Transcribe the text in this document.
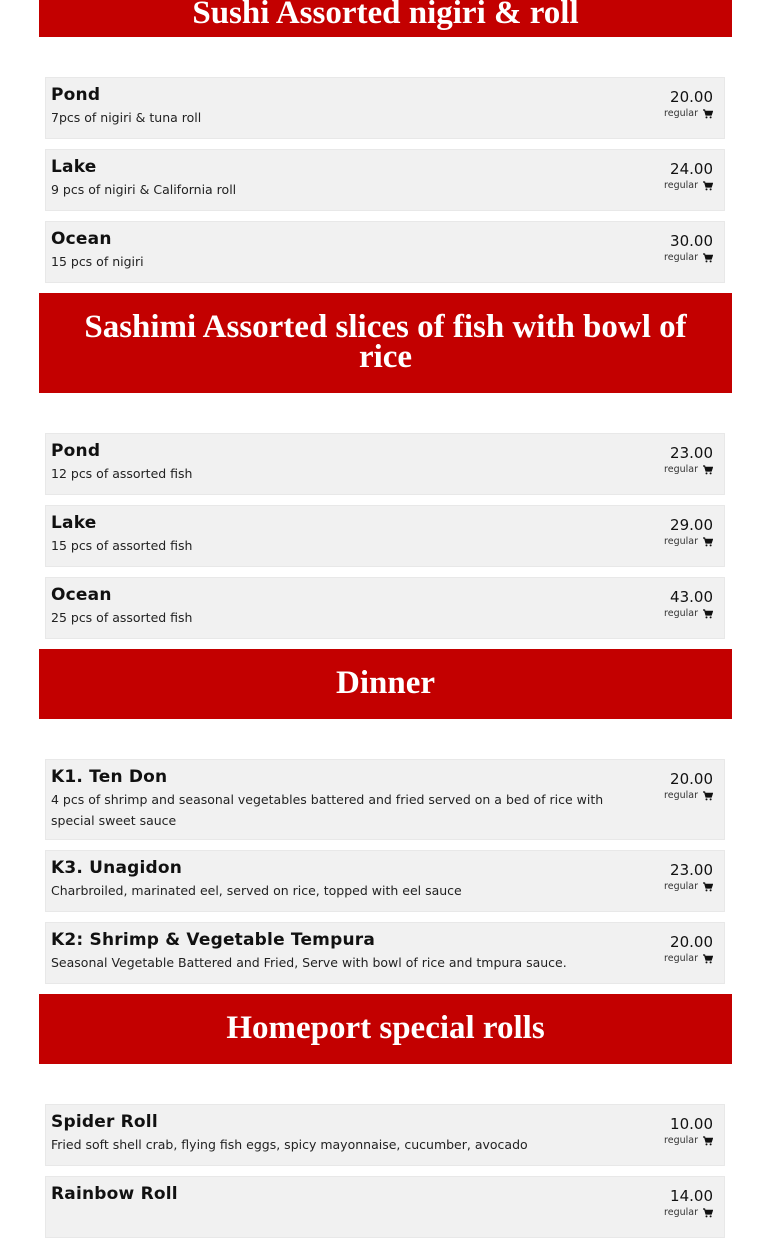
Sushi Assorted nigiri & roll
Pond
7pcs of nigiri & tuna roll
20.00
regular
Lake
9 pcs of nigiri & California roll
24.00
regular
Ocean
15 pcs of nigiri
30.00
regular
Sashimi Assorted slices of fish with bowl of rice
Pond
12 pcs of assorted fish
23.00
regular
Lake
15 pcs of assorted fish
29.00
regular
Ocean
25 pcs of assorted fish
43.00
regular
Dinner
K1. Ten Don
4 pcs of shrimp and seasonal vegetables battered and fried served on a bed of rice with special sweet sauce
20.00
regular
K3. Unagidon
Charbroiled, marinated eel, served on rice, topped with eel sauce
23.00
regular
K2: Shrimp & Vegetable Tempura
Seasonal Vegetable Battered and Fried, Serve with bowl of rice and tmpura sauce.
20.00
regular
Homeport special rolls
Spider Roll
Fried soft shell crab, flying fish eggs, spicy mayonnaise, cucumber, avocado
10.00
regular
Rainbow Roll	14.00
regular
